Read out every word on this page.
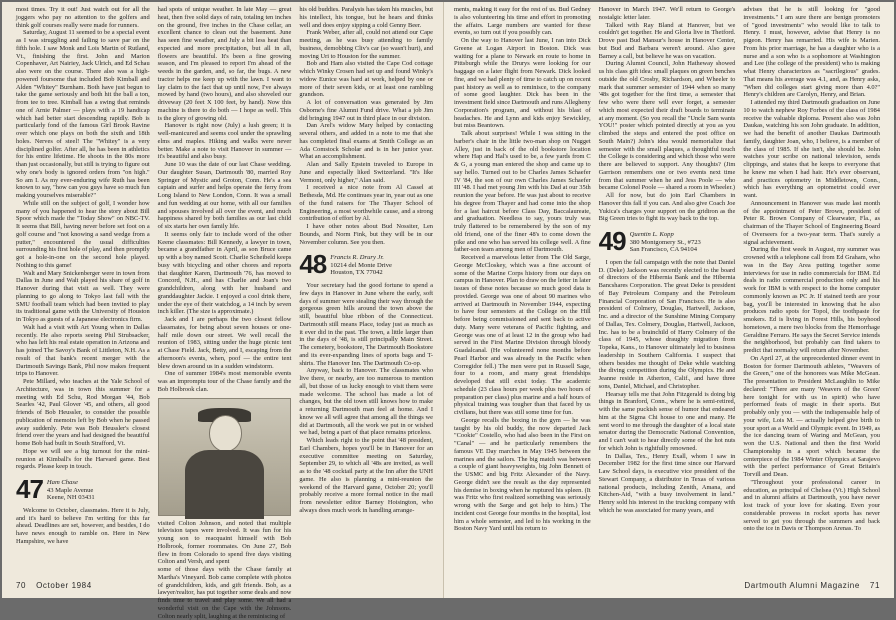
most times. Try it out! Just watch out for all the joggers who pay no attention to the golfers and think golf courses really were made for runners.

Saturday, August 11 seemed to be a special event as I was struggling and failing to save par on the fifth hole. I saw Monk and Lois Martin of Rutland, Vt., finishing the first. John and Marion Copenhaver, Art Nairiey, Jack Ulrich, and Ed Schau also were on the course. There also was a high-powered foursome that included Bob Kimball and Alden "Whitey" Burnham. Both have just begun to take the game seriously and both hit the ball a ton, from tee to tree. Kimball has a swing that reminds one of Arnie Palmer — plays with a 19 handicap which had better start descending rapidly. Bob is particularly fond of the famous Girl Brook Ravine over which one plays on both the sixth and 18th holes. Nerves of steel! The "Whitey" is a very disciplined golfer. After all, he has been in athletics for his entire lifetime. He shoots in the 80s more than just occasionally, but still is trying to figure out why one's body is ignored orders from "on high." So am I. As my ever-enduring wife Ruth has been known to say, "how can you guys have so much fun making yourselves miserable?"

While still on the subject of golf, I wonder how many of you happened to hear the story about Bill Spoor which made the "Today Show" on NBC-TV. It seems that Bill, having never before set foot on a golf course and "not knowing a sand wedge from a putter," encountered the usual difficulties surrounding his first hole of play, and then promptly got a hole-in-one on the second hole played. Nothing to this game!

Walt and Mary Snickenberger were in town from Dallas in June and Walt played his share of golf in Hanover during that visit as well. They were planning to go along to Tokyo last fall with the SMU football team which had been invited to play its traditional game with the University of Houston in Tokyo as guests of a Japanese electronics firm.

Walt had a visit with Art Young when in Dallas recently. He also reports seeing Phil Strubsacker, who has left his real estate operation in Arizona and has joined The Savoy's Bank of Littleton, N.H. As a result of that bank's recent merger with the Dartmouth Savings Bank, Phil now makes frequent trips to Hanover.

Pete Millard, who teaches at the Yale School of Architecture, was in town this summer for a meeting with Ed Schu, Rod Morgan '44, Bob Searles '42, Paul Glover '45, and others, all good friends of Bob Heussler, to consider the possible publication of memoirs left by Bob when he passed away suddenly. Pete was Bob Heussler's closest friend over the years and had designed the beautiful home Bob had built in South Strafford, Vt.

Hope we will see a big turnout for the mini-reunion at Kimball's for the Harvard game. Best regards. Please keep in touch.

47 Ham Chase
43 Maple Avenue
Keene, NH 03431

Welcome to October, classmates. Here it is July, and it's hard to believe I'm writing for this far ahead. Deadlines are set, however, and besides, I do have news enough to ramble on. Here in New Hampshire, we have

had spots of unique weather. In late May — great heat, then five solid days of rain, totaling ten inches on the ground, five inches in the Chase cellar, an excellent chance to clean out the basement. June has seen fine weather, and July a bit less heat than expected and more precipitation, but all in all, flowers are beautiful. It's been a fine growing season, and I'm pleased to report I'm ahead of the weeds in the garden, and, so far, the bugs. A new tractor helps me keep up with the lawn. I want to lay claim to the fact that up until now, I've always mowed by hand (two hours), and also shoveled our driveway (20 feet X 100 feet, by hand). Now this machine is there to do both — I hope as well. This is the glory of growing old.

Hanover is right now (July) a lush green; it is well-manicured and seems cool under the sprawling elms and maples. Hiking and walks were never better. Make a note to visit Hanover in summer — it's beautiful and also busy.

June 10 was the date of our last Chase wedding. Our daughter Susan, Dartmouth '80, married Roy Springer of Mystic and Groton, Conn. He's a sea captain and surfer and helps operate the ferry from Long Island to New London, Conn. It was a small and fun wedding at our home, with all our families and spouses involved all over the event, and much happiness shared by both families as our last child of six starts her own family life.

It seems only fair to include word of the other Keene classmates: Bill Kennedy, a lawyer in town, became a grandfather in April, as son Bruce came up with a boy named Scott. Charlie Scheibeld keeps busy with bicycling and other chores and reports that daughter Karen, Dartmouth '76, has moved to Concord, N.H., and has Charlie and Joan's two grandchildren, along with her husband and granddaughter Jackie. I enjoyed a cool drink there, under the eye of their watchdog, a 14 inch by seven inch killer. (The size is approximate.)

Jack and I are perhaps the two closest fellow classmates, for being about seven houses or one-half mile down our street. We well recall the reunion of 1983, sitting under the huge picnic tent at Chase Field. Jack, Betty, and I, escaping from the afternoon's events, when, poof — the entire tent blew down around us in a sudden windstorm.

One of summer 1984's most memorable events was an impromptu tour of the Chase family and the Bob Holbrook clan.

visited Colton Johnson, and noted that multiple television tapes were involved. It was fun for his young son to reacquaint himself with Bob Holbrook, former roommates. On June 27, Bob flew in from Colorado to spend five days visiting Colton and Versh, and spent

some of those days with the Chase family at Martha's Vineyard. Bob came complete with photos of grandchildren, kids, and gift friends. Bob, as a lawyer/realtor, has put together some deals and now finds time to travel and play some. We all had a wonderful visit on the Cape with the Johnsons. Colton nearly split, laughing at the reminiscing of

his old buddies. Paralysis has taken his muscles, but his intellect, his tongue, but he hears and thinks well and does enjoy sipping a cold Genny Beer.

Frank Weber, after all, could not attend our Cape meeting, as he was busy attending to family business, demobbing Cliv's car (so wasn't hurt), and moving Uri to Houston for the summer.

Bob and Ham also visited the Cape Cod cottage which Winky Crosen had set up and found Winky's widow Eunice was hard at work, helped by one or more of their seven kids, or at least one rambling grandson.

A lot of conversation was generated by Jim Osborne's fine Alumni Fund drive. What a job Jim did bringing 1947 out in third place in our division.

Dan Arel's widow Mary helped by contacting several others, and added in a note to me that she has completed final exams at Smith College as an Ada Comstock Scholar and is in her junior year. What an accomplishment.

Alan and Sally Epstein traveled to Europe in June and especially liked Switzerland. "It's like Vermont, only higher," Alan said.

I received a nice note from Al Cassel at Bethesda, Md. He continues year in, year out as one of the fund raisers for The Thayer School of Engineering, a most worthwhile cause, and a strong contribution of effort by Al.

I have other notes about Bud Nossiter, Len Bounds, and Norm Fink, but they will be in our November column. See you then.

48 Francis R. Drury Jr.
10214 del Monte Drive
Houston, TX 77042

Your secretary had the good fortune to spend a few days in Hanover in June where the early, soft days of summer were stealing their way through the gorgeous green hills around the town above the still, beautiful blue ribbon of the Connecticut. Dartmouth still means Place, today just as much as it ever did in the past. The town, a little larger than in the days of '48, is still principally Main Street. The cemetery, bookstore, The Dartmouth Bookstore and its ever-expanding lines of sports bags and T-shirts. The Hanover Inn. The Dartmouth Co-op.

Anyway, back to Hanover. The classmates who live there, or nearby, are too numerous to mention all, but those of us lucky enough to visit them were made welcome. The school has made a lot of changes, but the old town still knows how to make a returning Dartmouth man feel at home. And I know we all will agree that among all the things we did at Dartmouth, all the work we put in or wished we had, being a part of that place remains priceless.

Which leads right to the point that '48 president, Earl Chambers, hopes you'll be in Hanover for an executive committee meeting on Saturday, September 29, to which all '48s are invited, as well as to the '48 cocktail party at the Inn after the UNH game. He also is planning a mini-reunion the weekend of the Harvard game, October 20; you'll probably receive a more formal notice in the mail from newsletter editor Barney Hoisington, who always does much work in handling arrange-

70 October 1984

ments, making it easy for the rest of us. Bud Gedney is also volunteering his time and effort in promoting the affairs. Large numbers are wanted for these events, so turn out if you possibly can.

On the way to Hanover last June, I ran into Dick Greene at Logan Airport in Boston. Dick was waiting for a plane to Newark en route to home in Pittsburgh while the Drurys were looking for our baggage on a later flight from Newark. Dick looked fine, and we had plenty of time to catch up on recent past history as well as to reminisce, to the company of some good laughter. Dick has been in the investment field since Dartmouth and runs Allegheny Corporation's program, and without his blast of headaches. He and Lynn and kids enjoy Sewickley, but miss Beantown.

Talk about surprises! While I was sitting in the barber's chair in the little two-man shop on Nugget Alley, just in back of the old bookstore location where Hap and Hal's used to be, a few yards from C & G, a young man entered the shop and came up to say hello. Turned out to be Charles James Schaefer IV '84, the son of our own Charles James Schaefer III '48. I had met young Jim with his Dad at our 35th reunion the year before. He was just about to receive his degree from Thayer and had come into the shop for a last haircut before Class Day, Baccalaureate, and graduation. Needless to say, yours truly was truly flattered to be remembered by the son of my old friend, one of the finer 48's to come down the pike and one who has served his college well. A fine father-son team among men of Dartmouth.

Received a marvelous letter from The Old Sarge, George McCloskey, which was a fine account of some of the Marine Corps history from our days on campus in Hanover. Plan to draw on the letter in later issues of these notes because so much good data is provided. George was one of about 90 marines who arrived at Dartmouth in November 1944, expecting to have four semesters at the College on the Hill before being commissioned and sent back to active duty. Many were veterans of Pacific fighting, and George was one of at least 12 in the group who had served in the First Marine Division through bloody Guadalcanal. (He volunteered none months before Pearl Harbor and was already in the Pacific when Corregidor fell.) The men were put in Russell Sage, four to a room, and many great friendships developed that still exist today. The academic schedule (23 class hours per week plus two hours of preparation per class) plus marine and a half hours of physical training was tougher than that faced by us civilians, but there was still some time for fun.

George recalls the boxing in the gym — he was taught by his old buddy, the now departed Jack "Cookie" Costello, who had also been in the First on "Canal" — and he particularly remembers the famous VE Day marches in May 1945 between the marines and the sailors. The big match was between a couple of giant heavyweights, big John Bennett of the USMC and big Fritz Alexander of the Navy. George didn't see the result as the day represented his demise in boxing when he ruptured his spleen. (It was Fritz who first realized something was seriously wrong with the Sarge and got help to him.) The incident cost George four months in the hospital, lost him a whole semester, and led to his working in the Boston Navy Yard until his return to

Hanover in March 1947. We'll return to George's nostalgic letter later.

Talked with Ray Bland at Hanover, but we couldn't get together. He and Gloria live in Thetford. Drove past Bud Mansur's house in Hanover Center, but Bud and Barbara weren't around. Also gave Barney a call, but believe he was on vacation.

During Alumni Council, John Hatheway showed us his class gift idea: small plaques on green benches outside the old Crosby, Richardson, and Wheeler to mark that summer semester of 1944 when so many '48s got together for the first time, a semester that few who were there will ever forget, a semester which most expected their draft boards to terminate at any moment. (So you recall the "Uncle Sam wants YOU!" poster which pointed directly at you as you climbed the steps and entered the post office on South Main?) John's idea would memorialize that semester with the small plaques, a thoughtful touch the College is considering and which those who were there are believed to support. Any thoughts? (Jim Garrison remembers one or two events next time from that summer when he and Jess Poole — who became Colonel Poole — shared a room in Wheeler.)

All for now, but do join Earl Chambers in Hanover this fall if you can. And also give Coach Joe Yukica's charges your support on the gridiron as the Big Green tries to fight its way back to the top.

49 Quentin L. Kopp
380 Montgomery St., #723
San Francisco, CA 94104

I open the fall campaign with the note that Daniel D. (Deke) Jackson was recently elected to the board of directors of the Hibernia Bank and the Hibernia Bancshares Corporation. The great Deke is president of Bay Petroleum Company and the Petroleum Financial Corporation of San Francisco. He is also president of Colmery, Douglas, Hartwell, Jackson, Inc. and a director of the Sunshine Mining Company of Dallas, Tex. Colmery, Douglas, Hartwell, Jackson, Inc. has to be a brainchild of Harry Colmery of the class of 1945, whose draughty migration from Topeka, Kans., to Hanover ultimately led to business leadership in Southern California. I suspect that others besides me thought of Deke while watching the diving competition during the Olympics. He and Jeanne reside in Atherton, Calif., and have three sons, Daniel, Michael, and Christopher.

Hearsay tells me that John Fitzgerald is doing big things in Branford, Conn., where he is semi-retired, with the same puckish sense of humor that endeared him at the Sigma Chi house to one and many. He sent word to me through the daughter of a local state senator during the Democratic National Convention, and I can't wait to hear directly some of the hot nuts for which John is rightfully renowned.

In Dallas, Tex., Henry Exall, whom I saw in December 1982 for the first time since our Harvard Law School days, is executive vice president of the Stewart Company, a distributor in Texas of various national products, including Zenith, Amana, and Kitchen-Aid, "with a busy involvement in land." Henry sold his interest in the trucking company with which he was associated for many years, and

advises that he is still looking for "good investments." I am sure there are benign promoters of "good investments" who would like to talk to Henry. I must, however, advise that Henry is no pigeon. Henry has remarried. His wife is Marien. From his prior marriage, he has a daughter who is a nurse and a son who is a sophomore at Washington and Lee (the college of the president) who is making what Henry characterizes as "sacrilegious" grades. That means his average was 4.1, and, as Henry asks, "When did colleges start giving more than 4.0?" Henry's children are Carolyn, Henry, and Brian.

I attended my third Dartmouth graduation on June 10 to watch nephew Roy Forbes of the class of 1984 receive the valuable diploma. Present also was John Daukas, watching his son John graduate. In addition, we had the benefit of another Daukas Dartmouth family, daughter Joan, who, I believe, is a member of the class of 1985. If she isn't, she should be. John watches your scribe on national television, sends clippings, and states that he keeps to everyone that he knew me when I had hair. He's ever observant, and practices optometry in Middletown, Conn., which has everything an optometrist could ever want.

Announcement in Hanover was made last month of the appointment of Peter Brown, president of Peter R. Brown Company of Clearwater, Fla., as chairman of the Thayer School of Engineering Board of Overseers for a two-year term. That's surely a signal achievement.

During the first week in August, my summer was crowned with a telephone call from Ed Graham, who was in the Bay Area putting together some interviews for use in radio commercials for IBM. Ed deals in radio commercial production only and his work for IBM is with respect to the home computer commonly known as PC Jr. If stained teeth are your bag, you'll be interested in knowing that he also produces radio spots for Topol, the toothpaste for smokers. Ed is living in Forest Hills, his boyhood hometown, a mere two blocks from the Hemorrhage Geraldine Ferraro. He says the Secret Service intends the neighborhood, but probably can find takers to predict that normalcy will return after November.

On April 27, at the unprecedented dinner event in Boston for former Dartmouth athletes, "Weavers of the Green," one of the honorees was Mike McGean. The presentation to President McLaughlin to Mike declared: "There are many 'Weavers of the Green' here tonight for with us in spirit) who have performed feats of magic in their sports. But probably only you — with the indispensable help of your wife, Lois M. — actually helped give birth to your sport as a World and Olympic event. In 1949, as the ice dancing team of Waring and McGean, you won the U.S. National and then the first World Championship in a sport which became the centerpiece of the 1984 Winter Olympics at Sarajevo with the perfect performance of Great Britain's Torvill and Dean.

"Throughout your professional career in education, as principal of Chelsea (Vt.) High School and in alumni affairs at Dartmouth, you have never lost track of your love for skating. Even your considerable prowess in rocket sports has never served to get you through the summers and back onto the ice in Davis or Thompson Arenas. To

Dartmouth Alumni Magazine 71
